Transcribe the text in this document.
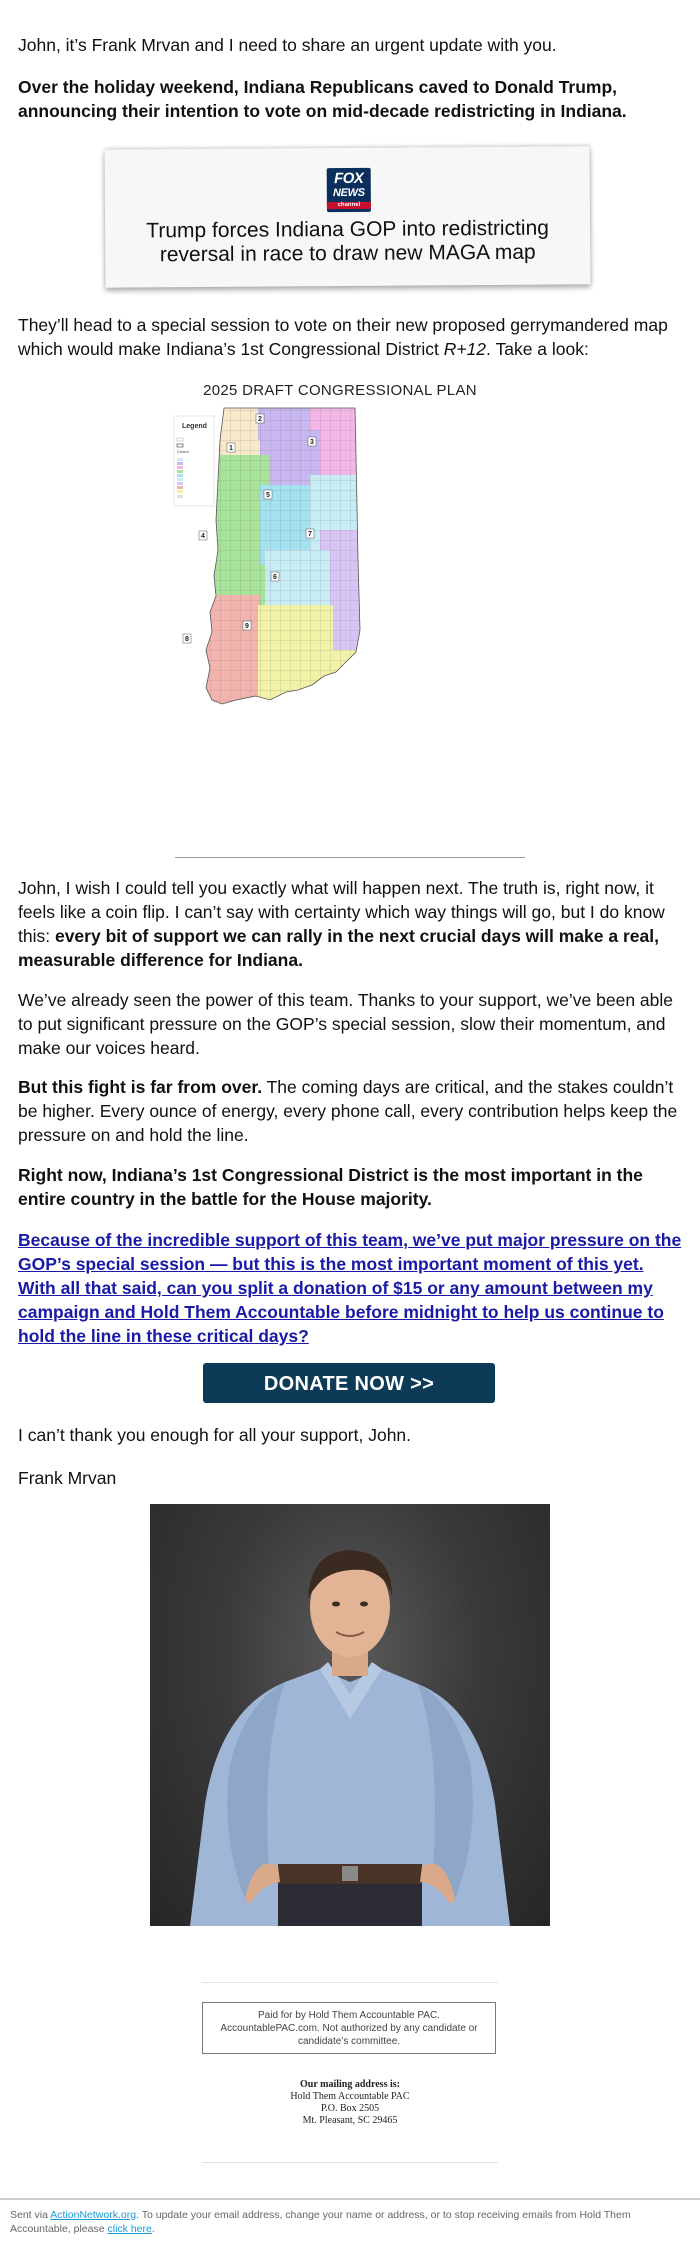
John, it’s Frank Mrvan and I need to share an urgent update with you.

Over the holiday weekend, Indiana Republicans caved to Donald Trump, announcing their intention to vote on mid-decade redistricting in Indiana.

FOX
NEWS
channel
Trump forces Indiana GOP into redistricting reversal in race to draw new MAGA map

They’ll head to a special session to vote on their new proposed gerrymandered map which would make Indiana’s 1st Congressional District R+12. Take a look:

2025 DRAFT CONGRESSIONAL PLAN
Legend
District	1
2
3
4
5
6
7
8
9

John, I wish I could tell you exactly what will happen next. The truth is, right now, it feels like a coin flip. I can’t say with certainty which way things will go, but I do know this: every bit of support we can rally in the next crucial days will make a real, measurable difference for Indiana.

We’ve already seen the power of this team. Thanks to your support, we’ve been able to put significant pressure on the GOP’s special session, slow their momentum, and make our voices heard.

But this fight is far from over. The coming days are critical, and the stakes couldn’t be higher. Every ounce of energy, every phone call, every contribution helps keep the pressure on and hold the line.

Right now, Indiana’s 1st Congressional District is the most important in the entire country in the battle for the House majority.

Because of the incredible support of this team, we’ve put major pressure on the GOP’s special session — but this is the most important moment of this yet. With all that said, can you split a donation of $15 or any amount between my campaign and Hold Them Accountable before midnight to help us continue to hold the line in these critical days?

DONATE NOW >>

I can’t thank you enough for all your support, John.

Frank Mrvan

Paid for by Hold Them Accountable PAC. AccountablePAC.com. Not authorized by any candidate or candidate’s committee.
Our mailing address is:
Hold Them Accountable PAC
P.O. Box 2505
Mt. Pleasant, SC 29465
Sent via ActionNetwork.org. To update your email address, change your name or address, or to stop receiving emails from Hold Them Accountable, please click here.
